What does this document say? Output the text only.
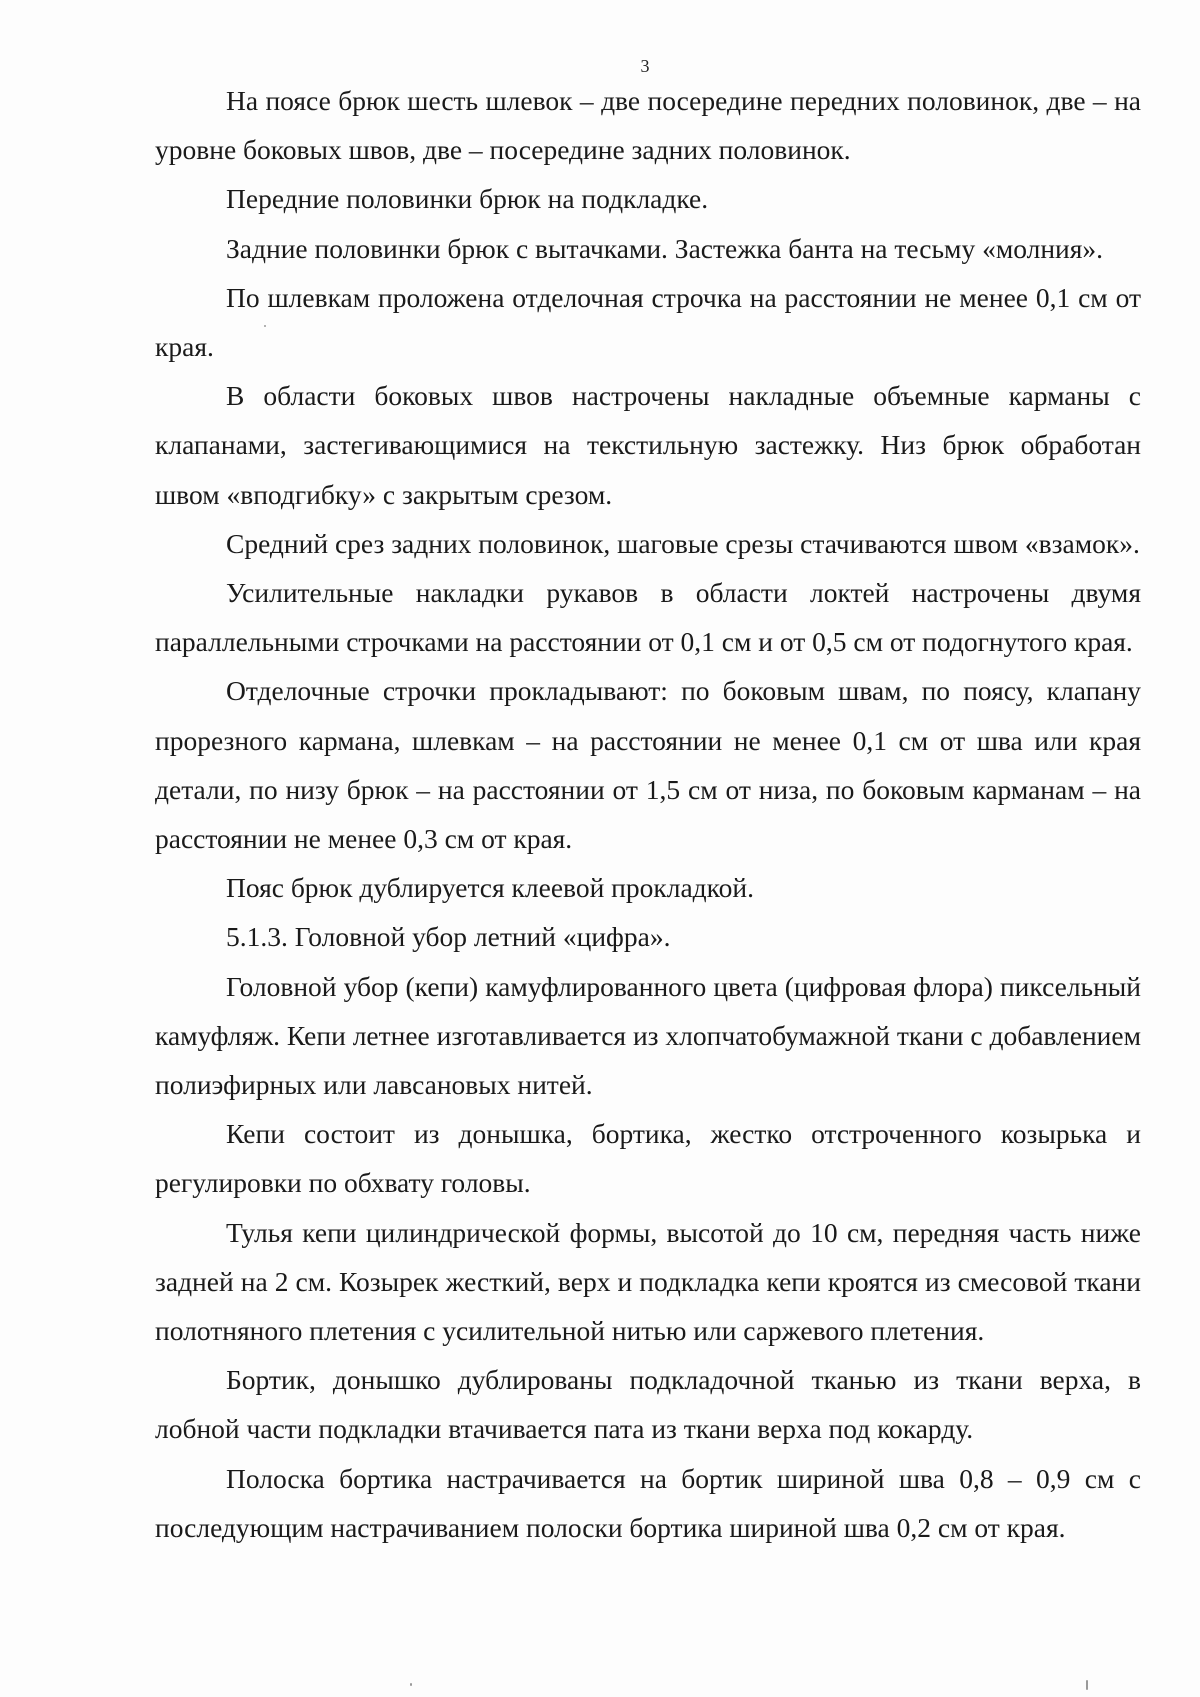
3

На поясе брюк шесть шлевок – две посередине передних половинок, две – на уровне боковых швов, две – посередине задних половинок.

Передние половинки брюк на подкладке.

Задние половинки брюк с вытачками. Застежка банта на тесьму «молния».

По шлевкам проложена отделочная строчка на расстоянии не менее 0,1 см от края.

В области боковых швов настрочены накладные объемные карманы с клапанами, застегивающимися на текстильную застежку. Низ брюк обработан швом «вподгибку» с закрытым срезом.

Средний срез задних половинок, шаговые срезы стачиваются швом «взамок».

Усилительные накладки рукавов в области локтей настрочены двумя параллельными строчками на расстоянии от 0,1 см и от 0,5 см от подогнутого края.

Отделочные строчки прокладывают: по боковым швам, по поясу, клапану прорезного кармана, шлевкам – на расстоянии не менее 0,1 см от шва или края детали, по низу брюк – на расстоянии от 1,5 см от низа, по боковым карманам – на расстоянии не менее 0,3 см от края.

Пояс брюк дублируется клеевой прокладкой.

5.1.3. Головной убор летний «цифра».

Головной убор (кепи) камуфлированного цвета (цифровая флора) пиксельный камуфляж. Кепи летнее изготавливается из хлопчатобумажной ткани с добавлением полиэфирных или лавсановых нитей.

Кепи состоит из донышка, бортика, жестко отстроченного козырька и регулировки по обхвату головы.

Тулья кепи цилиндрической формы, высотой до 10 см, передняя часть ниже задней на 2 см. Козырек жесткий, верх и подкладка кепи кроятся из смесовой ткани полотняного плетения с усилительной нитью или саржевого плетения.

Бортик, донышко дублированы подкладочной тканью из ткани верха, в лобной части подкладки втачивается пата из ткани верха под кокарду.

Полоска бортика настрачивается на бортик шириной шва 0,8 – 0,9 см с последующим настрачиванием полоски бортика шириной шва 0,2 см от края.
